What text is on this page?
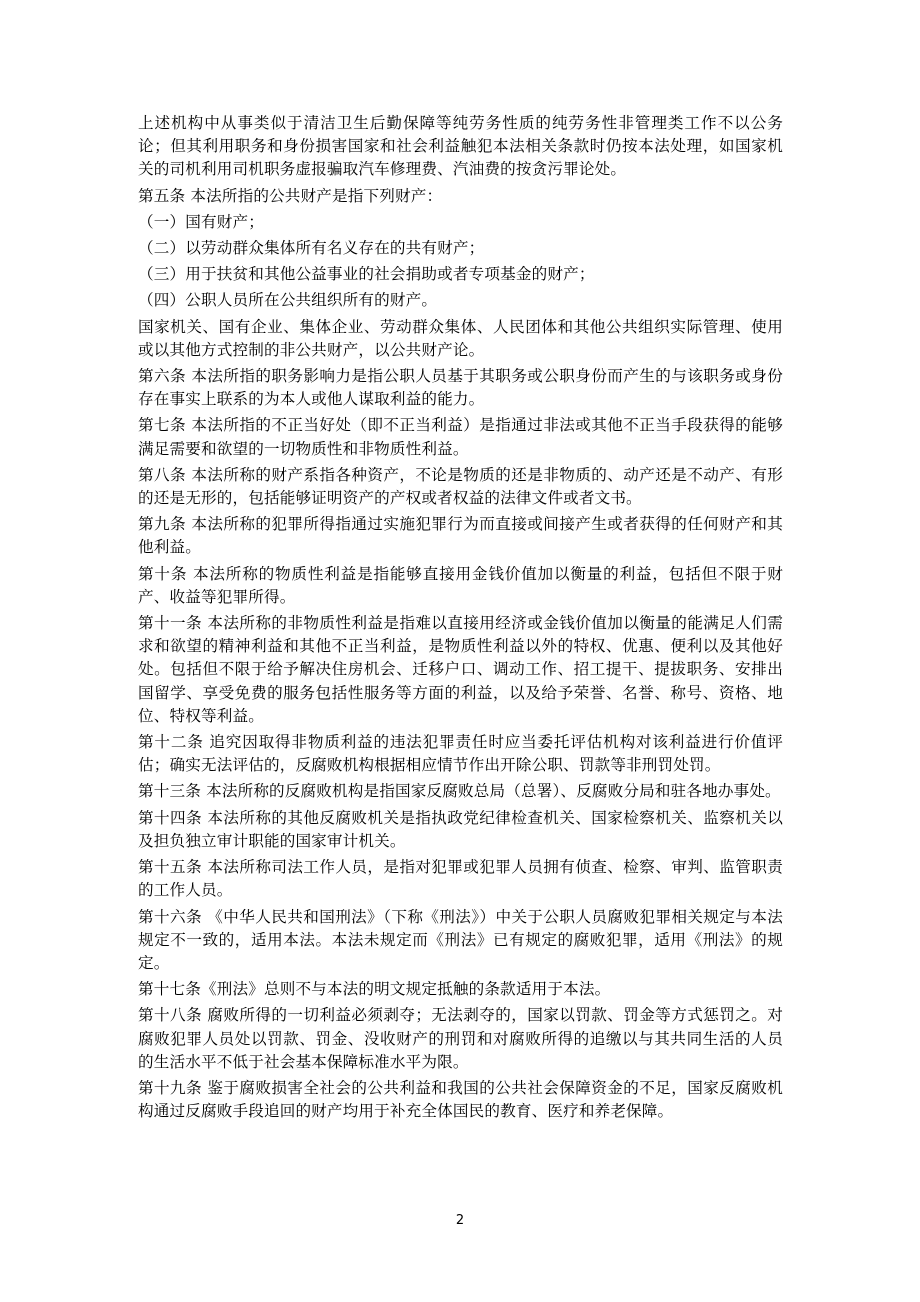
上述机构中从事类似于清洁卫生后勤保障等纯劳务性质的纯劳务性非管理类工作不以公务论；但其利用职务和身份损害国家和社会利益触犯本法相关条款时仍按本法处理，如国家机关的司机利用司机职务虚报骗取汽车修理费、汽油费的按贪污罪论处。

第五条 本法所指的公共财产是指下列财产：

（一）国有财产；

（二）以劳动群众集体所有名义存在的共有财产；

（三）用于扶贫和其他公益事业的社会捐助或者专项基金的财产；

（四）公职人员所在公共组织所有的财产。

国家机关、国有企业、集体企业、劳动群众集体、人民团体和其他公共组织实际管理、使用或以其他方式控制的非公共财产，以公共财产论。

第六条 本法所指的职务影响力是指公职人员基于其职务或公职身份而产生的与该职务或身份存在事实上联系的为本人或他人谋取利益的能力。

第七条 本法所指的不正当好处（即不正当利益）是指通过非法或其他不正当手段获得的能够满足需要和欲望的一切物质性和非物质性利益。

第八条 本法所称的财产系指各种资产，不论是物质的还是非物质的、动产还是不动产、有形的还是无形的，包括能够证明资产的产权或者权益的法律文件或者文书。

第九条 本法所称的犯罪所得指通过实施犯罪行为而直接或间接产生或者获得的任何财产和其他利益。

第十条 本法所称的物质性利益是指能够直接用金钱价值加以衡量的利益，包括但不限于财产、收益等犯罪所得。

第十一条 本法所称的非物质性利益是指难以直接用经济或金钱价值加以衡量的能满足人们需求和欲望的精神利益和其他不正当利益，是物质性利益以外的特权、优惠、便利以及其他好处。包括但不限于给予解决住房机会、迁移户口、调动工作、招工提干、提拔职务、安排出国留学、享受免费的服务包括性服务等方面的利益，以及给予荣誉、名誉、称号、资格、地位、特权等利益。

第十二条 追究因取得非物质利益的违法犯罪责任时应当委托评估机构对该利益进行价值评估；确实无法评估的，反腐败机构根据相应情节作出开除公职、罚款等非刑罚处罚。

第十三条 本法所称的反腐败机构是指国家反腐败总局（总署）、反腐败分局和驻各地办事处。

第十四条 本法所称的其他反腐败机关是指执政党纪律检查机关、国家检察机关、监察机关以及担负独立审计职能的国家审计机关。

第十五条 本法所称司法工作人员，是指对犯罪或犯罪人员拥有侦查、检察、审判、监管职责的工作人员。

第十六条 《中华人民共和国刑法》（下称《刑法》）中关于公职人员腐败犯罪相关规定与本法规定不一致的，适用本法。本法未规定而《刑法》已有规定的腐败犯罪，适用《刑法》的规定。

第十七条《刑法》总则不与本法的明文规定抵触的条款适用于本法。

第十八条 腐败所得的一切利益必须剥夺；无法剥夺的，国家以罚款、罚金等方式惩罚之。对腐败犯罪人员处以罚款、罚金、没收财产的刑罚和对腐败所得的追缴以与其共同生活的人员的生活水平不低于社会基本保障标准水平为限。

第十九条 鉴于腐败损害全社会的公共利益和我国的公共社会保障资金的不足，国家反腐败机构通过反腐败手段追回的财产均用于补充全体国民的教育、医疗和养老保障。

2
